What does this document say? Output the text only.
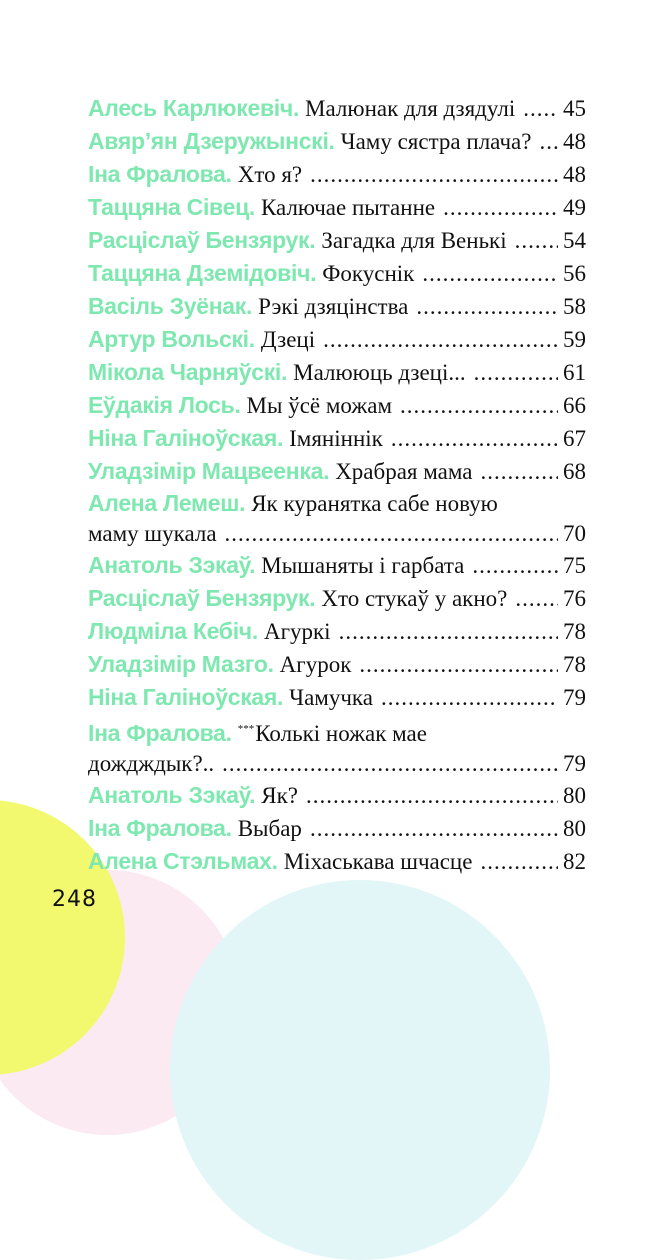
Алесь Карлюкевіч. Малюнак для дзядулі ..... 45
Авяр’ян Дзеружынскі. Чаму сястра плача? ..... 48
Іна Фралова. Хто я? .....	48
Таццяна Сівец. Калючае пытанне .....	49
Расціслаў Бензярук. Загадка для Венькі ..... 54
Таццяна Дземідовіч. Фокуснік .....	56
Васіль Зуёнак. Рэкі дзяцінства .....	58
Артур Вольскі. Дзеці .....	59
Мікола Чарняўскі. Малююць дзеці... .....	61
Еўдакія Лось. Мы ўсё можам .....	66
Ніна Галіноўская. Імяніннік .....	67
Уладзімір Мацвеенка. Храбрая мама .....	68
Алена Лемеш. Як куранятка сабе новую
маму шукала .....	70
Анатоль Зэкаў. Мышаняты і гарбата .....	75
Расціслаў Бензярук. Хто стукаў у акно? ..... 76
Людміла Кебіч. Агуркі .....	78
Уладзімір Мазго. Агурок .....	78
Ніна Галіноўская. Чамучка .....	79
Іна Фралова. ***Колькі ножак мае
дождждык?.. .....	79
Анатоль Зэкаў. Як? .....	80
Іна Фралова. Выбар .....	80
Алена Стэльмах. Міхаськава шчасце .....	82
248
